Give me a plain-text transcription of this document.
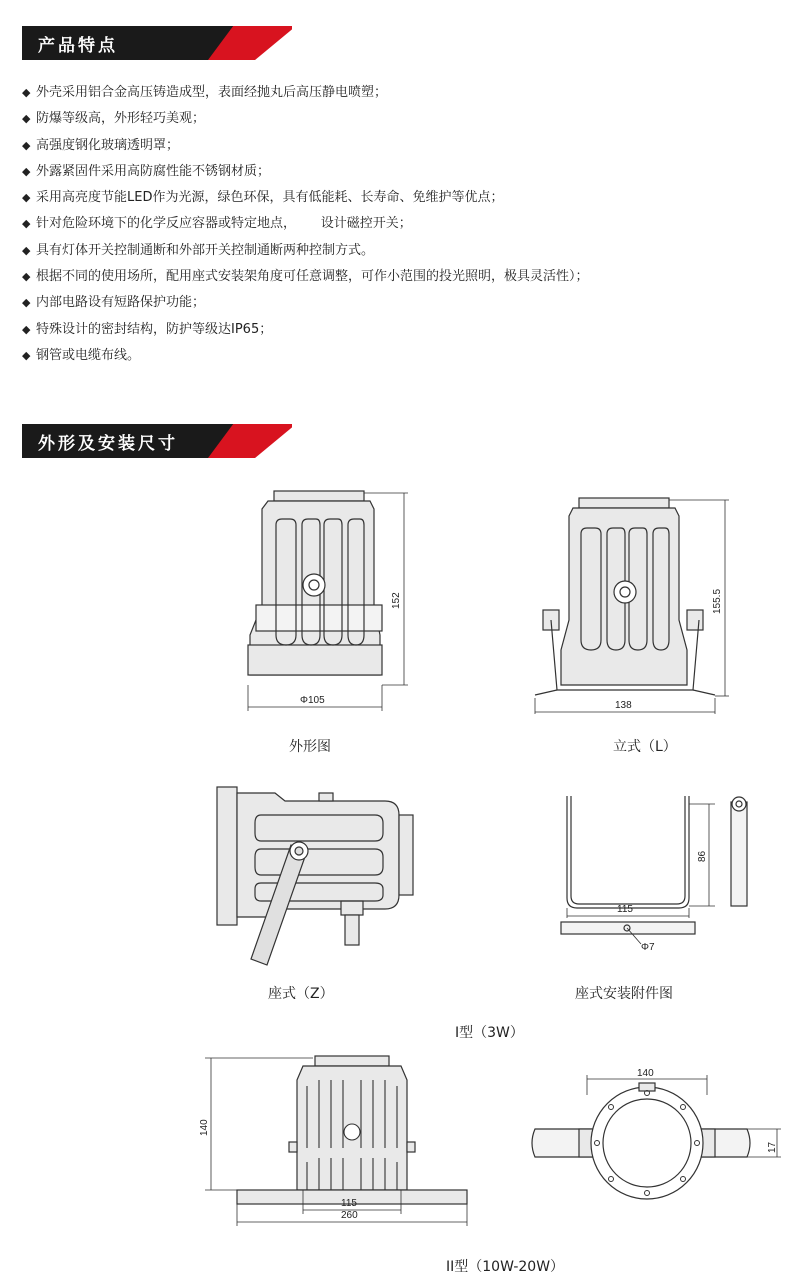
产品特点
◆ 外壳采用铝合金高压铸造成型，表面经抛丸后高压静电喷塑；
◆ 防爆等级高，外形轻巧美观；
◆ 高强度钢化玻璃透明罩；
◆ 外露紧固件采用高防腐性能不锈钢材质；
◆ 采用高亮度节能LED作为光源，绿色环保，具有低能耗、长寿命、免维护等优点；
◆ 针对危险环境下的化学反应容器或特定地点，      设计磁控开关；
◆ 具有灯体开关控制通断和外部开关控制通断两种控制方式。
◆ 根据不同的使用场所，配用座式安装架角度可任意调整，可作小范围的投光照明，极具灵活性）；
◆ 内部电路设有短路保护功能；
◆ 特殊设计的密封结构，防护等级达IP65；
◆ 钢管或电缆布线。
外形及安装尺寸
152
Φ105
外形图
155.5
138
立式（L）
座式（Z）
86
115
Φ7
座式安装附件图
I型（3W）
140
115
260
140
17
II型（10W-20W）
